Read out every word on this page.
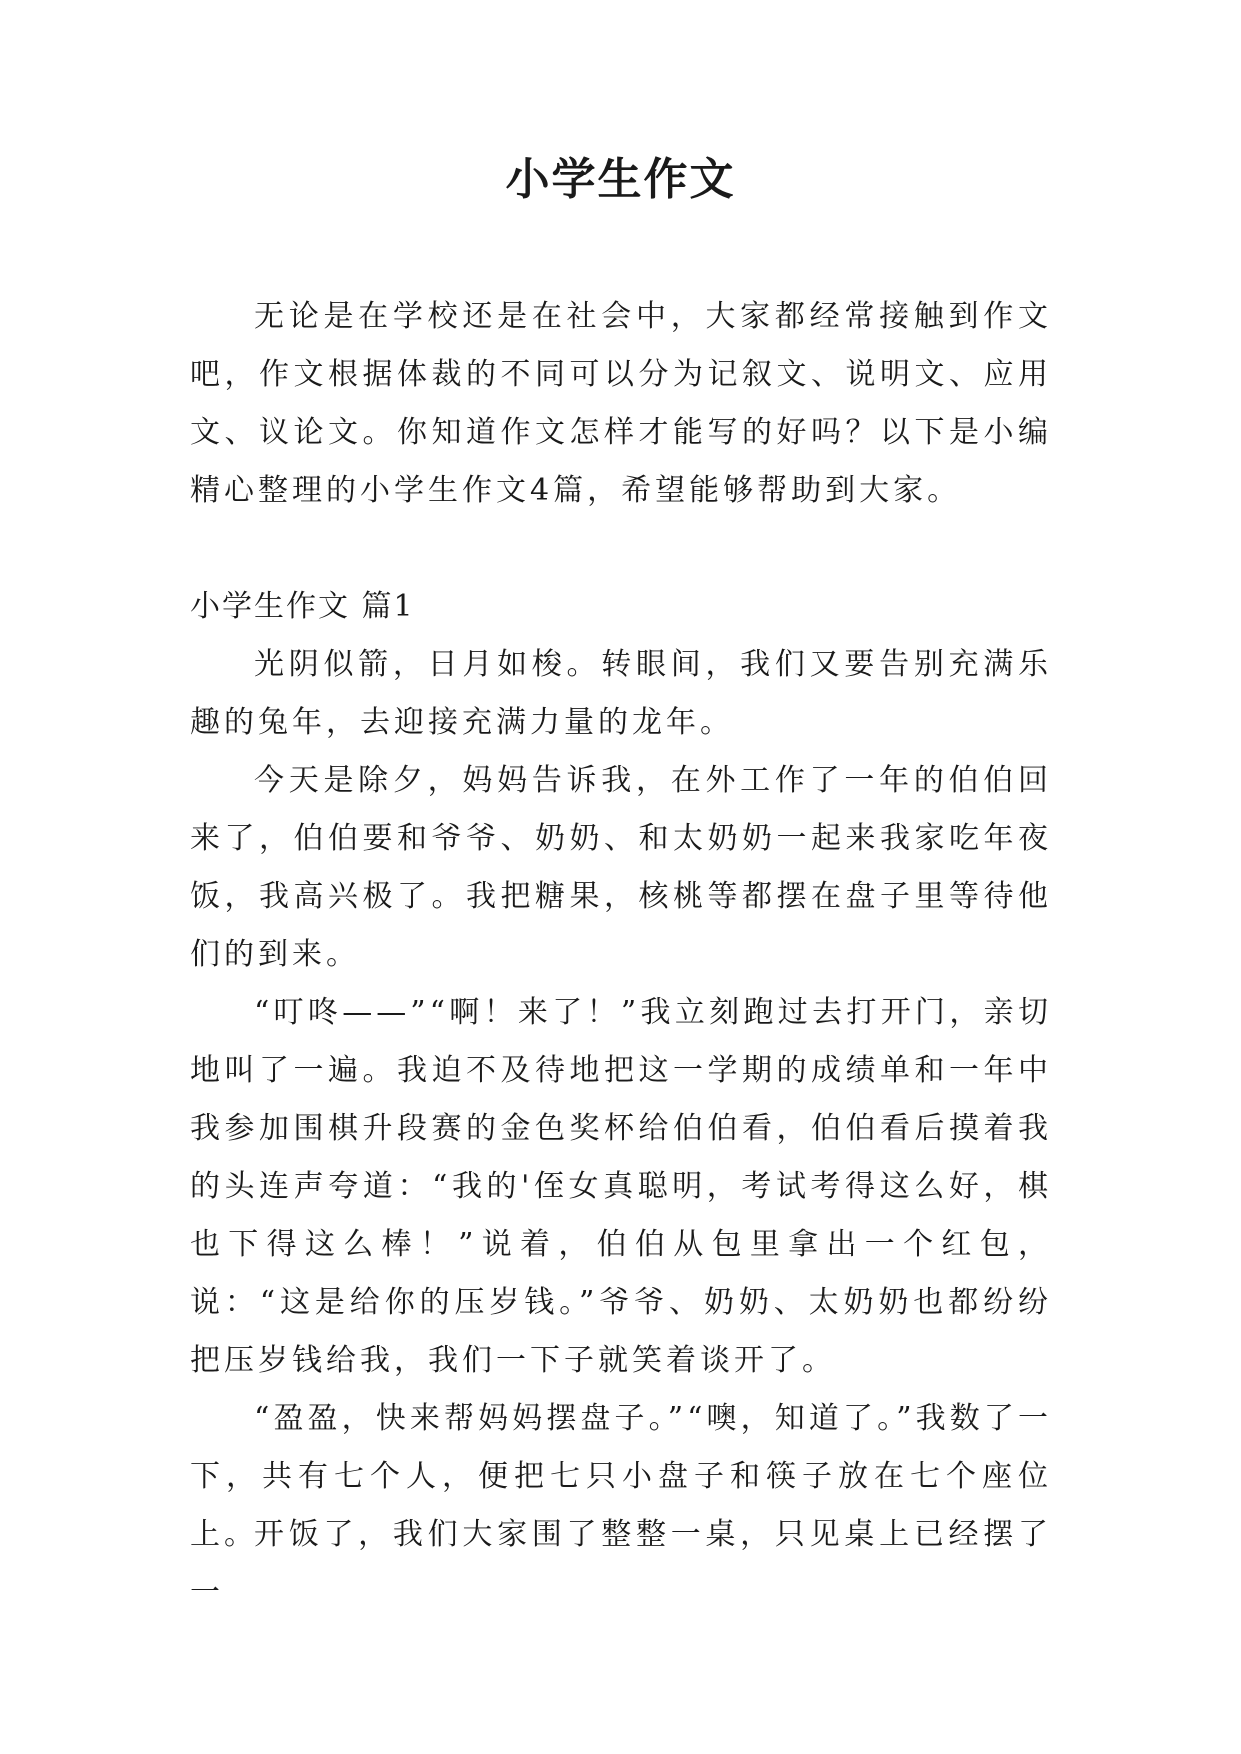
小学生作文

无论是在学校还是在社会中，大家都经常接触到作文吧，作文根据体裁的不同可以分为记叙文、说明文、应用文、议论文。你知道作文怎样才能写的好吗？以下是小编精心整理的小学生作文4篇，希望能够帮助到大家。

小学生作文 篇1

光阴似箭，日月如梭。转眼间，我们又要告别充满乐趣的兔年，去迎接充满力量的龙年。

今天是除夕，妈妈告诉我，在外工作了一年的伯伯回来了，伯伯要和爷爷、奶奶、和太奶奶一起来我家吃年夜饭，我高兴极了。我把糖果，核桃等都摆在盘子里等待他们的到来。

“叮咚——”“啊！来了！”我立刻跑过去打开门，亲切地叫了一遍。我迫不及待地把这一学期的成绩单和一年中我参加围棋升段赛的金色奖杯给伯伯看，伯伯看后摸着我的头连声夸道：“我的'侄女真聪明，考试考得这么好，棋也下得这么棒！”说着，伯伯从包里拿出一个红包，说：“这是给你的压岁钱。”爷爷、奶奶、太奶奶也都纷纷把压岁钱给我，我们一下子就笑着谈开了。

“盈盈，快来帮妈妈摆盘子。”“噢，知道了。”我数了一下，共有七个人，便把七只小盘子和筷子放在七个座位上。

开饭了，我们大家围了整整一桌，只见桌上已经摆了一
